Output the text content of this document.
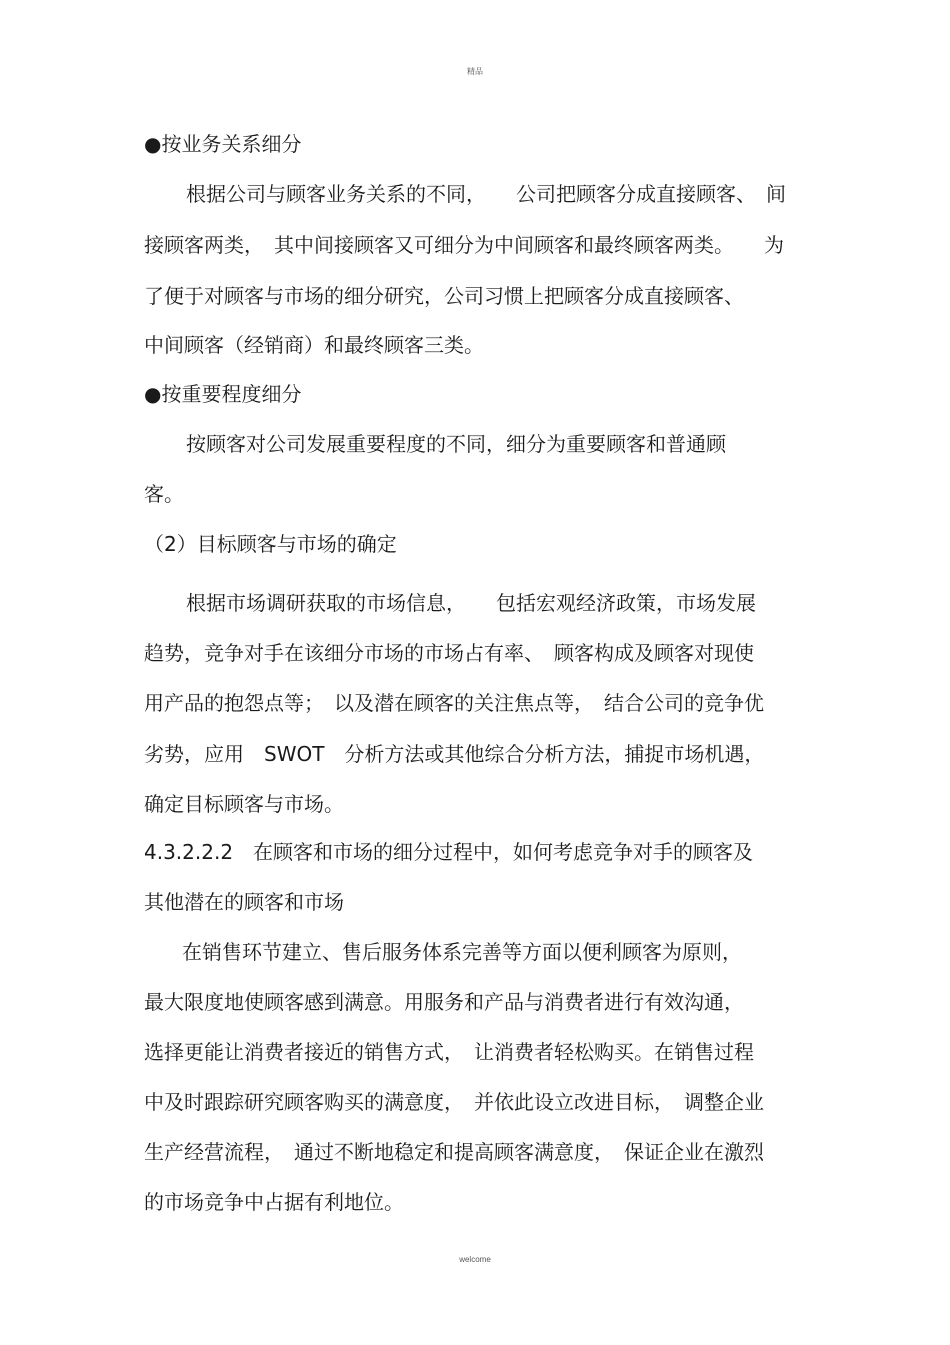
精品
●按业务关系细分
根据公司与顾客业务关系的不同，　　公司把顾客分成直接顾客、　间
接顾客两类，　其中间接顾客又可细分为中间顾客和最终顾客两类。　　为
了便于对顾客与市场的细分研究，公司习惯上把顾客分成直接顾客、
中间顾客（经销商）和最终顾客三类。
●按重要程度细分
按顾客对公司发展重要程度的不同，细分为重要顾客和普通顾
客。
（2）目标顾客与市场的确定
根据市场调研获取的市场信息，　　包括宏观经济政策，市场发展
趋势，竞争对手在该细分市场的市场占有率、　顾客构成及顾客对现使
用产品的抱怨点等；　以及潜在顾客的关注焦点等，　结合公司的竞争优
劣势，应用　SWOT　分析方法或其他综合分析方法，捕捉市场机遇，
确定目标顾客与市场。
4.3.2.2.2　在顾客和市场的细分过程中，如何考虑竞争对手的顾客及
其他潜在的顾客和市场
在销售环节建立、售后服务体系完善等方面以便利顾客为原则，
最大限度地使顾客感到满意。用服务和产品与消费者进行有效沟通，
选择更能让消费者接近的销售方式，　让消费者轻松购买。在销售过程
中及时跟踪研究顾客购买的满意度，　并依此设立改进目标，　调整企业
生产经营流程，　通过不断地稳定和提高顾客满意度，　保证企业在激烈
的市场竞争中占据有利地位。
welcome
